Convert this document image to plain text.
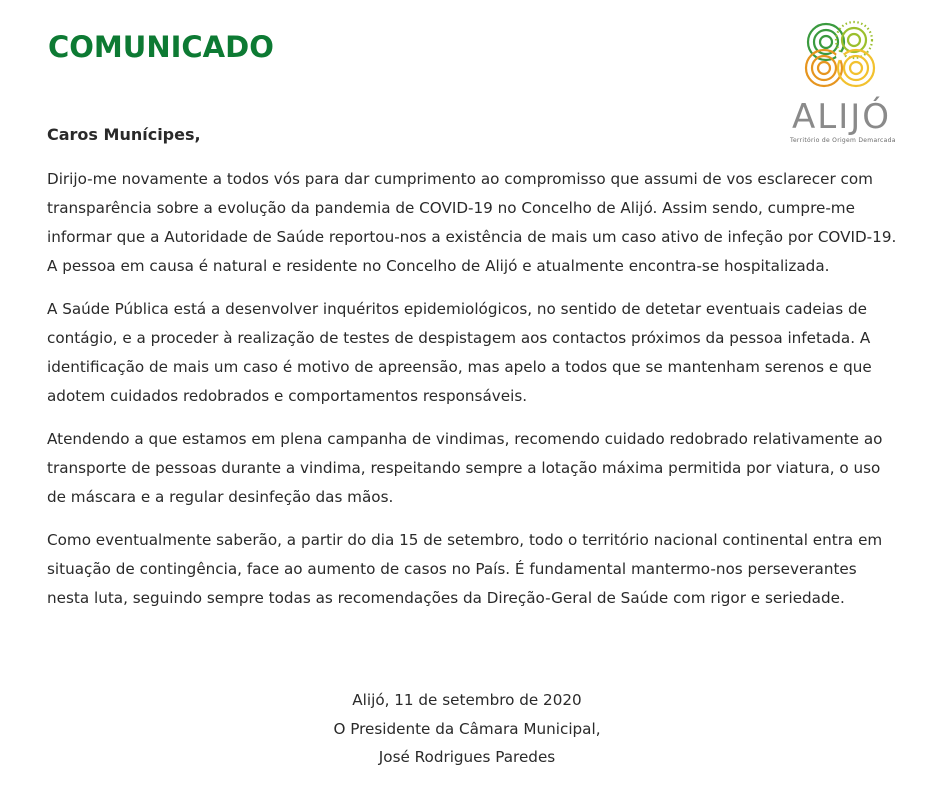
COMUNICADO
ALIJÓ
Território de Origem Demarcada

Caros Munícipes,

Dirijo-me novamente a todos vós para dar cumprimento ao compromisso que assumi de vos esclarecer com transparência sobre a evolução da pandemia de COVID-19 no Concelho de Alijó. Assim sendo, cumpre-me informar que a Autoridade de Saúde reportou-nos a existência de mais um caso ativo de infeção por COVID-19. A pessoa em causa é natural e residente no Concelho de Alijó e atualmente encontra-se hospitalizada.

A Saúde Pública está a desenvolver inquéritos epidemiológicos, no sentido de detetar eventuais cadeias de contágio, e a proceder à realização de testes de despistagem aos contactos próximos da pessoa infetada. A identificação de mais um caso é motivo de apreensão, mas apelo a todos que se mantenham serenos e que adotem cuidados redobrados e comportamentos responsáveis.

Atendendo a que estamos em plena campanha de vindimas, recomendo cuidado redobrado relativamente ao transporte de pessoas durante a vindima, respeitando sempre a lotação máxima permitida por viatura, o uso de máscara e a regular desinfeção das mãos.

Como eventualmente saberão, a partir do dia 15 de setembro, todo o território nacional continental entra em situação de contingência, face ao aumento de casos no País. É fundamental mantermo-nos perseverantes nesta luta, seguindo sempre todas as recomendações da Direção-Geral de Saúde com rigor e seriedade.

Alijó, 11 de setembro de 2020
O Presidente da Câmara Municipal,
José Rodrigues Paredes
